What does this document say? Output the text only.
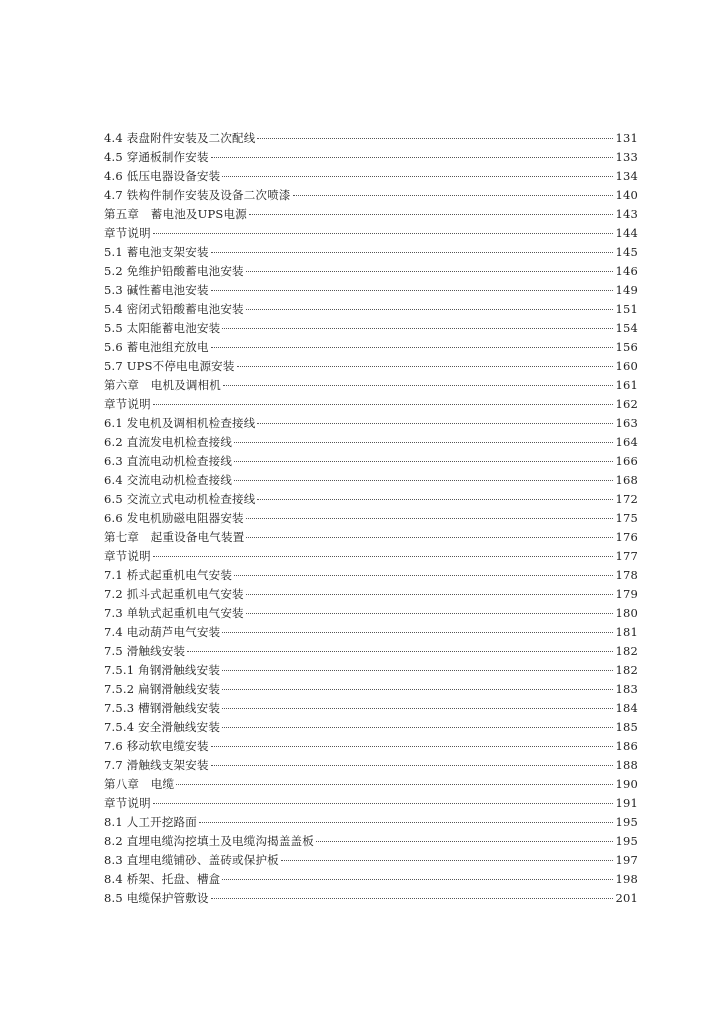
4.4 表盘附件安装及二次配线	131
4.5 穿通板制作安装	133
4.6 低压电器设备安装	134
4.7 铁构件制作安装及设备二次喷漆	140
第五章　蓄电池及UPS电源	143
章节说明	144
5.1 蓄电池支架安装	145
5.2 免维护铅酸蓄电池安装	146
5.3 碱性蓄电池安装	149
5.4 密闭式铅酸蓄电池安装	151
5.5 太阳能蓄电池安装	154
5.6 蓄电池组充放电	156
5.7 UPS不停电电源安装	160
第六章　电机及调相机	161
章节说明	162
6.1 发电机及调相机检查接线	163
6.2 直流发电机检查接线	164
6.3 直流电动机检查接线	166
6.4 交流电动机检查接线	168
6.5 交流立式电动机检查接线	172
6.6 发电机励磁电阻器安装	175
第七章　起重设备电气装置	176
章节说明	177
7.1 桥式起重机电气安装	178
7.2 抓斗式起重机电气安装	179
7.3 单轨式起重机电气安装	180
7.4 电动葫芦电气安装	181
7.5 滑触线安装	182
7.5.1 角钢滑触线安装	182
7.5.2 扁钢滑触线安装	183
7.5.3 槽钢滑触线安装	184
7.5.4 安全滑触线安装	185
7.6 移动软电缆安装	186
7.7 滑触线支架安装	188
第八章　电缆	190
章节说明	191
8.1 人工开挖路面	195
8.2 直埋电缆沟挖填土及电缆沟揭盖盖板	195
8.3 直埋电缆铺砂、盖砖或保护板	197
8.4 桥架、托盘、槽盒	198
8.5 电缆保护管敷设	201
